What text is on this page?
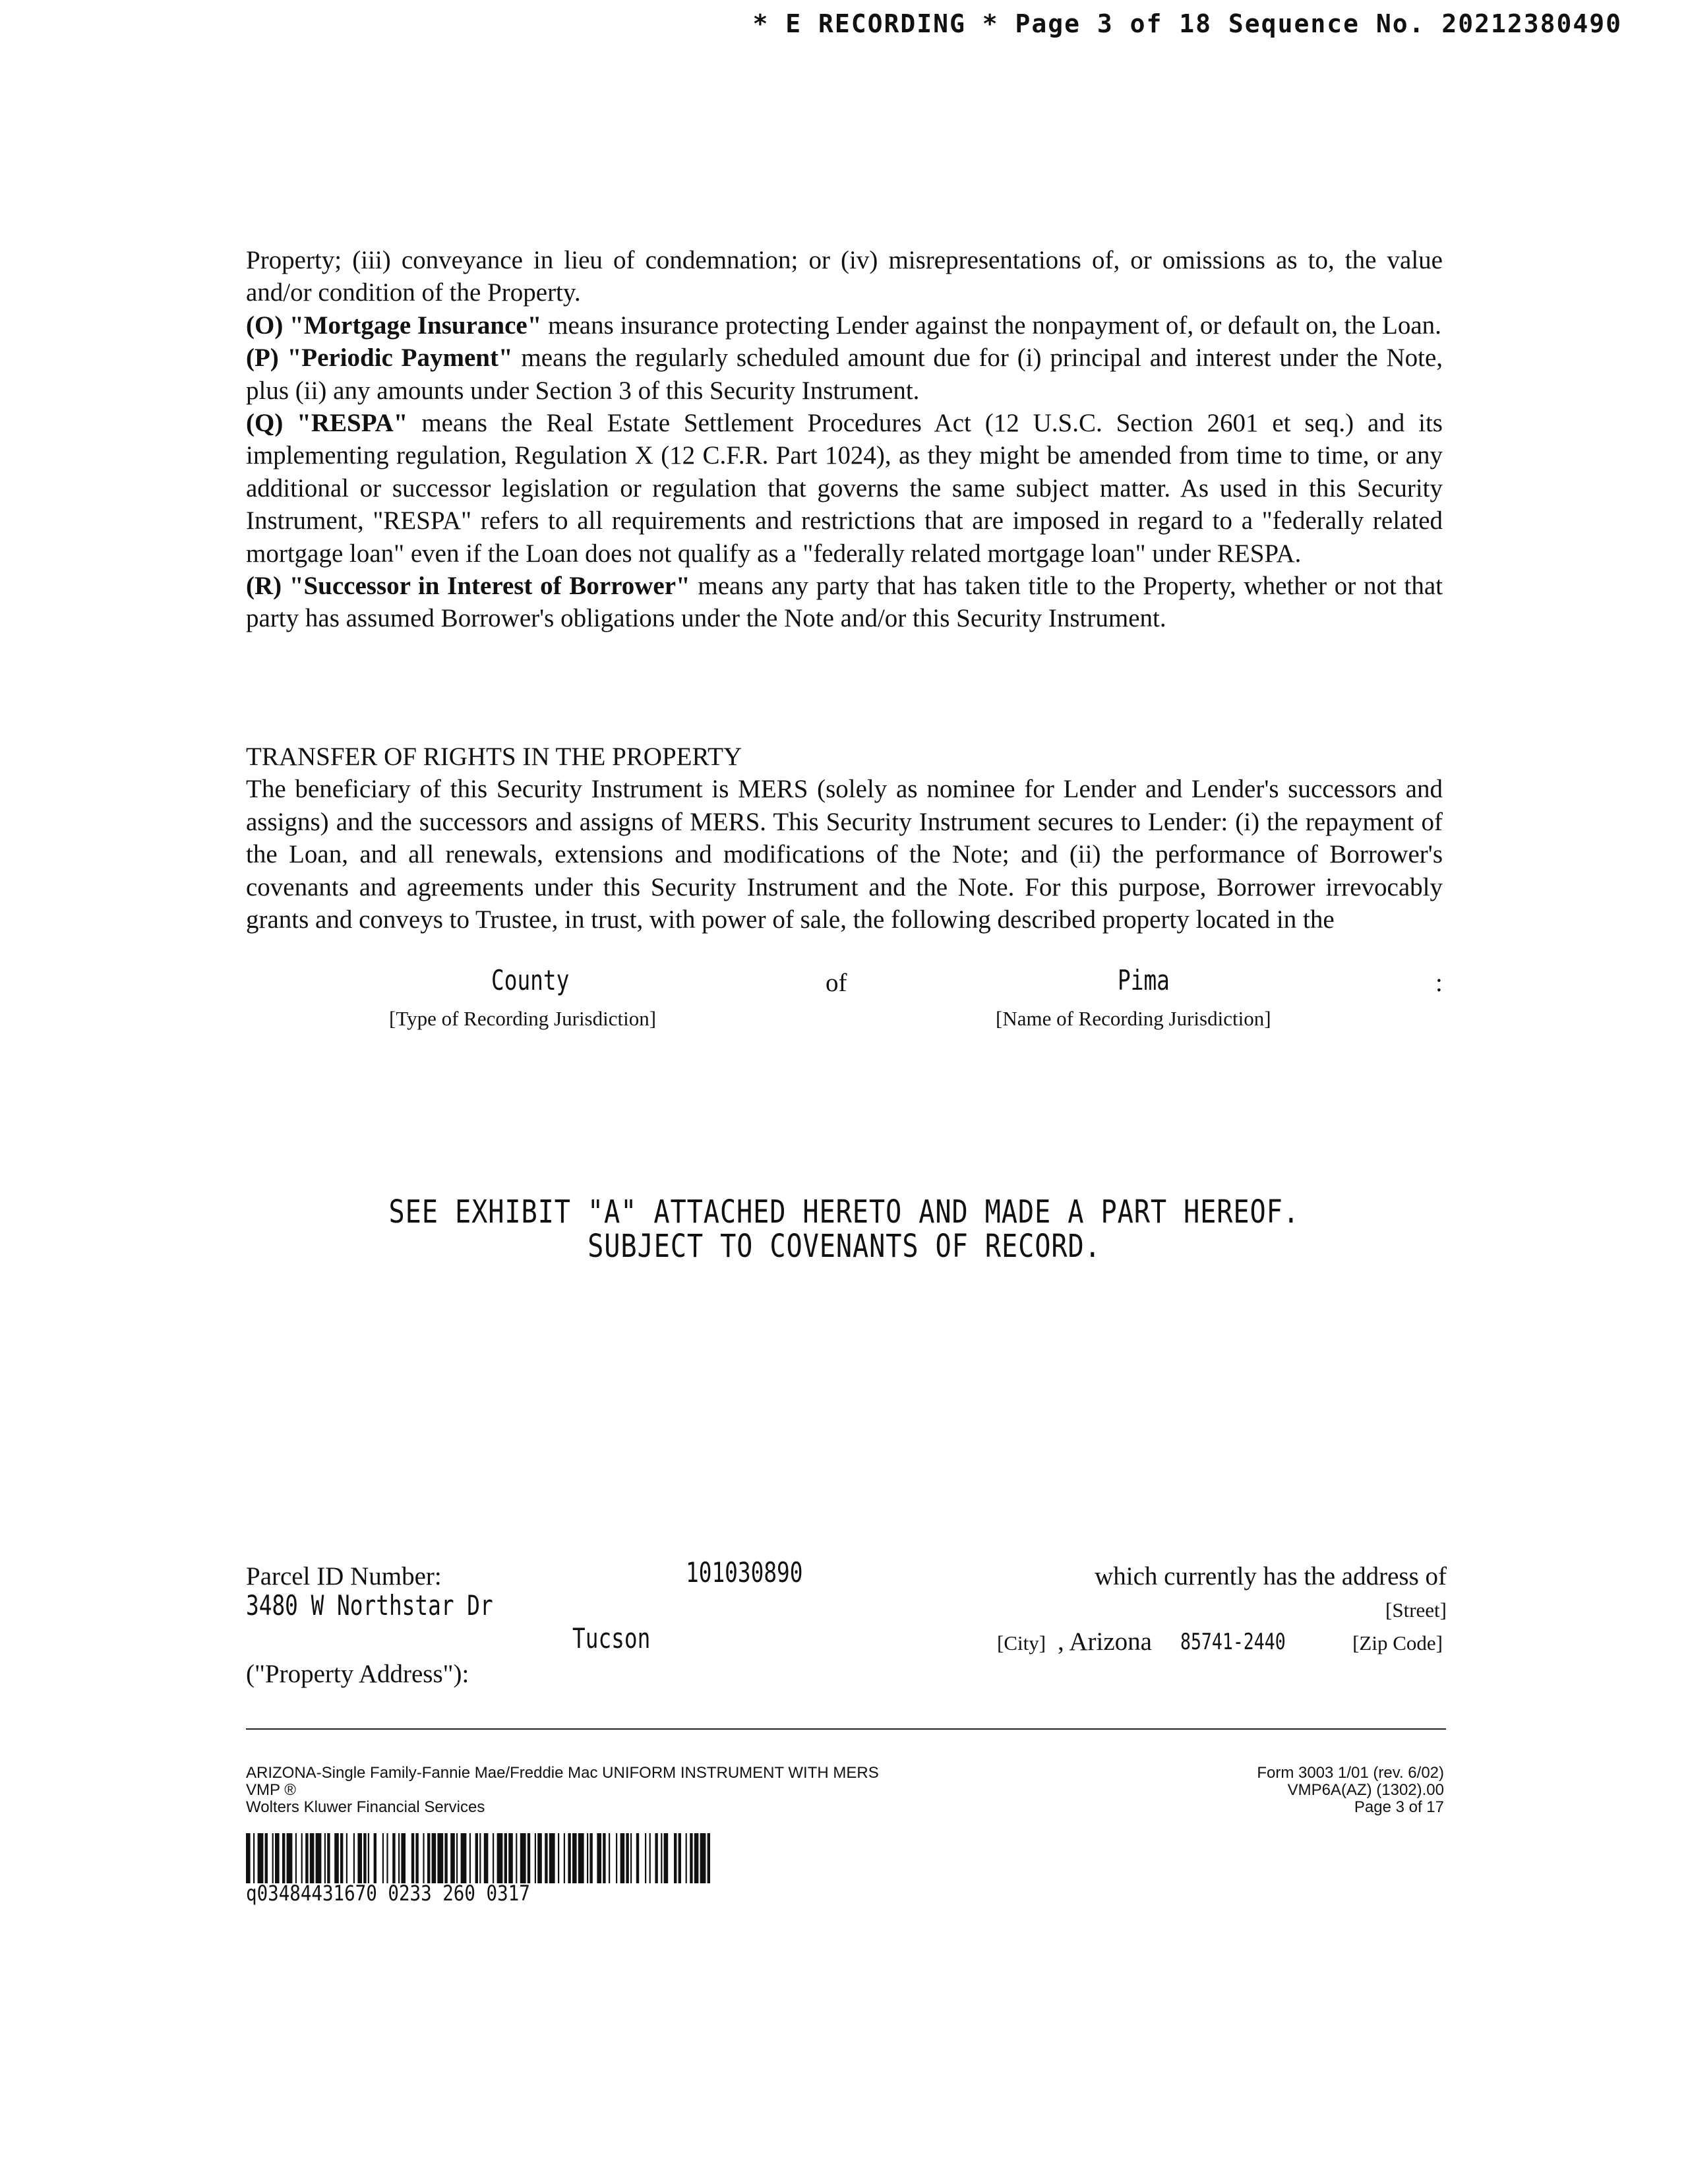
* E RECORDING * Page 3 of 18 Sequence No. 20212380490

Property; (iii) conveyance in lieu of condemnation; or (iv) misrepresentations of, or omissions as to, the value and/or condition of the Property.

(O) "Mortgage Insurance" means insurance protecting Lender against the nonpayment of, or default on, the Loan.

(P) "Periodic Payment" means the regularly scheduled amount due for (i) principal and interest under the Note, plus (ii) any amounts under Section 3 of this Security Instrument.

(Q) "RESPA" means the Real Estate Settlement Procedures Act (12 U.S.C. Section 2601 et seq.) and its implementing regulation, Regulation X (12 C.F.R. Part 1024), as they might be amended from time to time, or any additional or successor legislation or regulation that governs the same subject matter. As used in this Security Instrument, "RESPA" refers to all requirements and restrictions that are imposed in regard to a "federally related mortgage loan" even if the Loan does not qualify as a "federally related mortgage loan" under RESPA.

(R) "Successor in Interest of Borrower" means any party that has taken title to the Property, whether or not that party has assumed Borrower's obligations under the Note and/or this Security Instrument.

TRANSFER OF RIGHTS IN THE PROPERTY

The beneficiary of this Security Instrument is MERS (solely as nominee for Lender and Lender's successors and assigns) and the successors and assigns of MERS. This Security Instrument secures to Lender: (i) the repayment of the Loan, and all renewals, extensions and modifications of the Note; and (ii) the performance of Borrower's covenants and agreements under this Security Instrument and the Note. For this purpose, Borrower irrevocably grants and conveys to Trustee, in trust, with power of sale, the following described property located in the

County	of	Pima	:
[Type of Recording Jurisdiction]	[Name of Recording Jurisdiction]
SEE EXHIBIT "A" ATTACHED HERETO AND MADE A PART HEREOF.
SUBJECT TO COVENANTS OF RECORD.
Parcel ID Number:	101030890	which currently has the address of
3480 W Northstar Dr	[Street]
Tucson	[City] , Arizona 85741-2440	[Zip Code]
("Property Address"):
ARIZONA-Single Family-Fannie Mae/Freddie Mac UNIFORM INSTRUMENT WITH MERS
VMP ®
Wolters Kluwer Financial Services
Form 3003 1/01 (rev. 6/02)
VMP6A(AZ) (1302).00
Page 3 of 17
q03484431670 0233 260 0317
